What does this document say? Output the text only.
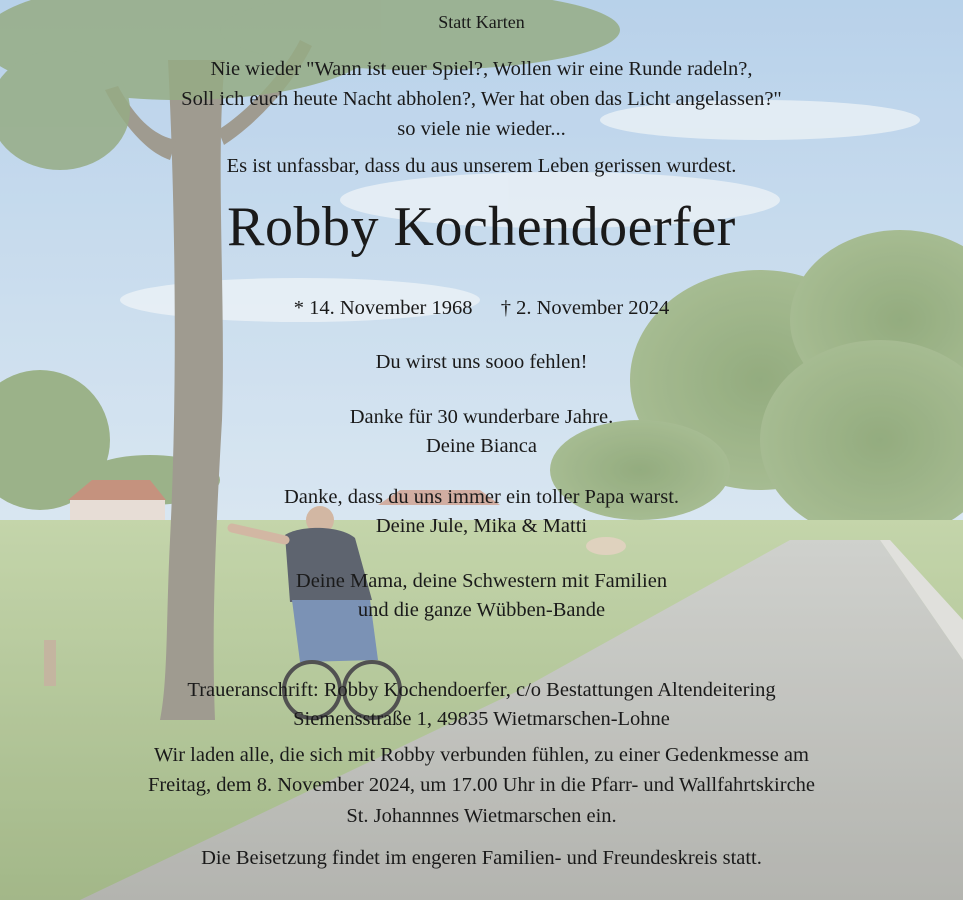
Statt Karten
Nie wieder "Wann ist euer Spiel?, Wollen wir eine Runde radeln?,
Soll ich euch heute Nacht abholen?, Wer hat oben das Licht angelassen?"
so viele nie wieder...
Es ist unfassbar, dass du aus unserem Leben gerissen wurdest.
Robby Kochendoerfer
* 14. November 1968 † 2. November 2024
Du wirst uns sooo fehlen!
Danke für 30 wunderbare Jahre.
Deine Bianca
Danke, dass du uns immer ein toller Papa warst.
Deine Jule, Mika & Matti
Deine Mama, deine Schwestern mit Familien
und die ganze Wübben-Bande
Traueranschrift: Robby Kochendoerfer, c/o Bestattungen Altendeitering
Siemensstraße 1, 49835 Wietmarschen-Lohne
Wir laden alle, die sich mit Robby verbunden fühlen, zu einer Gedenkmesse am
Freitag, dem 8. November 2024, um 17.00 Uhr in die Pfarr- und Wallfahrtskirche
St. Johannnes Wietmarschen ein.
Die Beisetzung findet im engeren Familien- und Freundeskreis statt.
